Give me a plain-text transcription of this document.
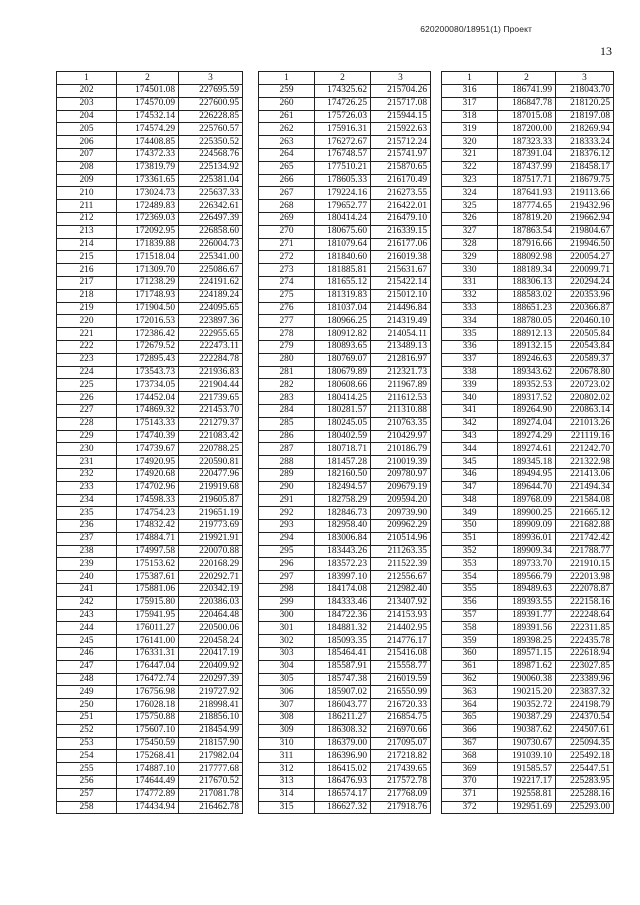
620200080/18951(1) Проект
13
1	2	3
202	174501.08	227695.59
203	174570.09	227600.95
204	174532.14	226228.85
205	174574.29	225760.57
206	174408.85	225350.52
207	174372.33	224568.76
208	173819.79	225134.92
209	173361.65	225381.04
210	173024.73	225637.33
211	172489.83	226342.61
212	172369.03	226497.39
213	172092.95	226858.60
214	171839.88	226004.73
215	171518.04	225341.00
216	171309.70	225086.67
217	171238.29	224191.62
218	171748.93	224189.24
219	171904.50	224095.65
220	172016.53	223897.36
221	172386.42	222955.65
222	172679.52	222473.11
223	172895.43	222284.78
224	173543.73	221936.83
225	173734.05	221904.44
226	174452.04	221739.65
227	174869.32	221453.70
228	175143.33	221279.37
229	174740.39	221083.42
230	174739.67	220788.25
231	174920.95	220590.81
232	174920.68	220477.96
233	174702.96	219919.68
234	174598.33	219605.87
235	174754.23	219651.19
236	174832.42	219773.69
237	174884.71	219921.91
238	174997.58	220070.88
239	175153.62	220168.29
240	175387.61	220292.71
241	175881.06	220342.19
242	175915.80	220386.03
243	175941.95	220464.48
244	176011.27	220500.06
245	176141.00	220458.24
246	176331.31	220417.19
247	176447.04	220409.92
248	176472.74	220297.39
249	176756.98	219727.92
250	176028.18	218998.41
251	175750.88	218856.10
252	175607.10	218454.99
253	175450.59	218157.90
254	175268.41	217982.04
255	174887.10	217777.68
256	174644.49	217670.52
257	174772.89	217081.78
258	174434.94	216462.78
1	2	3
259	174325.62	215704.26
260	174726.25	215717.08
261	175726.03	215944.15
262	175916.31	215922.63
263	176272.67	215712.24
264	176748.57	215741.97
265	177510.21	215870.65
266	178605.33	216170.49
267	179224.16	216273.55
268	179652.77	216422.01
269	180414.24	216479.10
270	180675.60	216339.15
271	181079.64	216177.06
272	181840.60	216019.38
273	181885.81	215631.67
274	181655.12	215422.14
275	181319.83	215012.10
276	181037.04	214496.84
277	180966.25	214319.49
278	180912.82	214054.11
279	180893.65	213489.13
280	180769.07	212816.97
281	180679.89	212321.73
282	180608.66	211967.89
283	180414.25	211612.53
284	180281.57	211310.88
285	180245.05	210763.35
286	180402.59	210429.97
287	180718.71	210186.79
288	181457.28	210019.39
289	182160.50	209780.97
290	182494.57	209679.19
291	182758.29	209594.20
292	182846.73	209739.90
293	182958.40	209962.29
294	183006.84	210514.96
295	183443.26	211263.35
296	183572.23	211522.39
297	183997.10	212556.67
298	184174.08	212982.40
299	184333.46	213407.92
300	184722.36	214153.93
301	184881.32	214402.95
302	185093.35	214776.17
303	185464.41	215416.08
304	185587.91	215558.77
305	185747.38	216019.59
306	185907.02	216550.99
307	186043.77	216720.33
308	186211.27	216854.75
309	186308.32	216970.66
310	186379.00	217095.07
311	186396.90	217218.82
312	186415.02	217439.65
313	186476.93	217572.78
314	186574.17	217768.09
315	186627.32	217918.76
1	2	3
316	186741.99	218043.70
317	186847.78	218120.25
318	187015.08	218197.08
319	187200.00	218269.94
320	187323.33	218333.24
321	187391.04	218376.12
322	187437.99	218458.17
323	187517.71	218679.75
324	187641.93	219113.66
325	187774.65	219432.96
326	187819.20	219662.94
327	187863.54	219804.67
328	187916.66	219946.50
329	188092.98	220054.27
330	188189.34	220099.71
331	188306.13	220294.24
332	188583.02	220353.96
333	188651.23	220366.87
334	188780.05	220460.10
335	188912.13	220505.84
336	189132.15	220543.84
337	189246.63	220589.37
338	189343.62	220678.80
339	189352.53	220723.02
340	189317.52	220802.02
341	189264.90	220863.14
342	189274.04	221013.26
343	189274.29	221119.16
344	189274.61	221242.70
345	189345.18	221322.98
346	189494.95	221413.06
347	189644.70	221494.34
348	189768.09	221584.08
349	189900.25	221665.12
350	189909.09	221682.88
351	189936.01	221742.42
352	189909.34	221788.77
353	189733.70	221910.15
354	189566.79	222013.98
355	189489.63	222078.87
356	189393.55	222158.16
357	189391.77	222248.64
358	189391.56	222311.85
359	189398.25	222435.78
360	189571.15	222618.94
361	189871.62	223027.85
362	190060.38	223389.96
363	190215.20	223837.32
364	190352.72	224198.79
365	190387.29	224370.54
366	190387.62	224507.61
367	190730.67	225094.35
368	191039.10	225492.18
369	191585.57	225447.51
370	192217.17	225283.95
371	192558.81	225288.16
372	192951.69	225293.00
